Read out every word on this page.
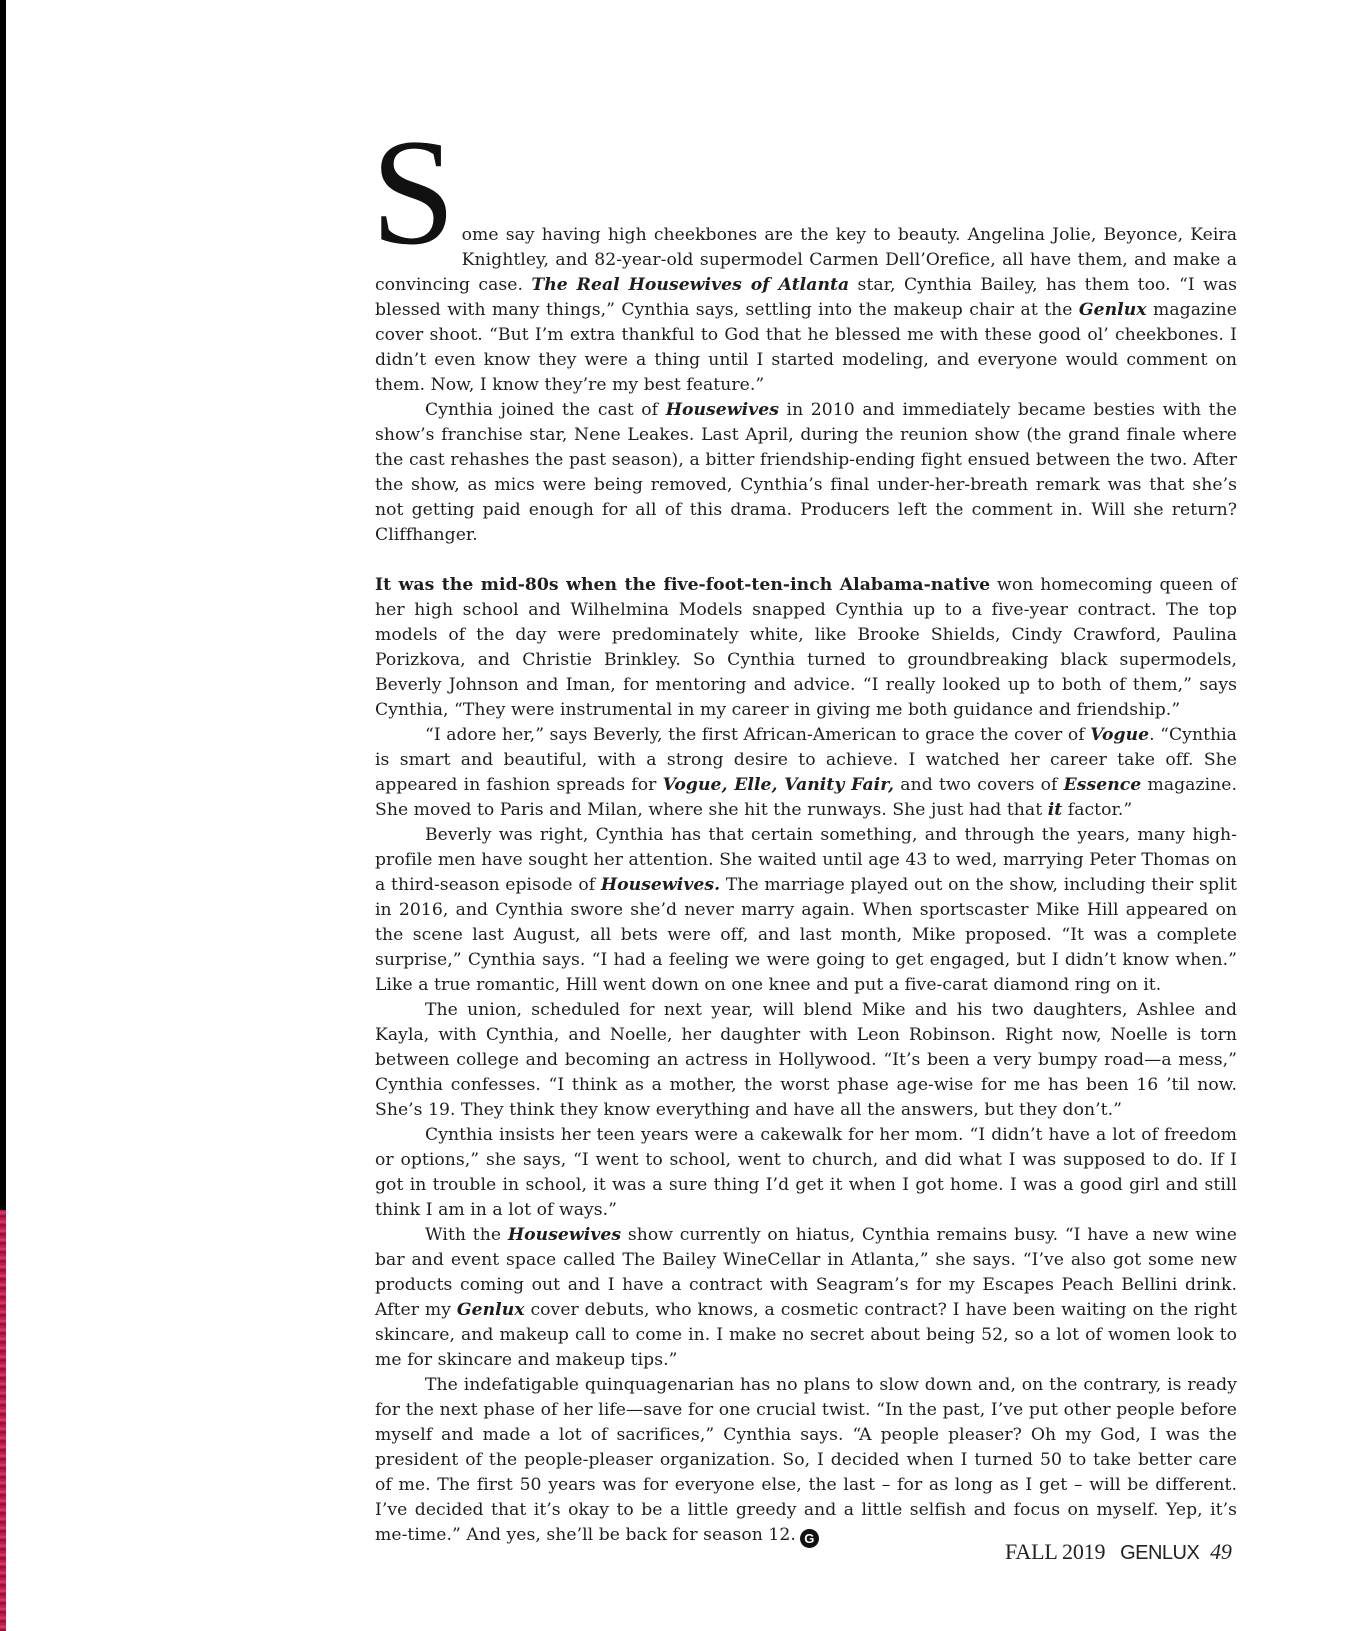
Some say having high cheekbones are the key to beauty. Angelina Jolie, Beyonce, Keira Knightley, and 82-year-old supermodel Carmen Dell’Orefice, all have them, and make a convincing case. The Real Housewives of Atlanta star, Cynthia Bailey, has them too. “I was blessed with many things,” Cynthia says, settling into the makeup chair at the Genlux magazine cover shoot. “But I’m extra thankful to God that he blessed me with these good ol’ cheekbones. I didn’t even know they were a thing until I started modeling, and everyone would comment on them. Now, I know they’re my best feature.”

Cynthia joined the cast of Housewives in 2010 and immediately became besties with the show’s franchise star, Nene Leakes. Last April, during the reunion show (the grand finale where the cast rehashes the past season), a bitter friendship-ending fight ensued between the two. After the show, as mics were being removed, Cynthia’s final under-her-breath remark was that she’s not getting paid enough for all of this drama. Producers left the comment in. Will she return? Cliffhanger.

It was the mid-80s when the five-foot-ten-inch Alabama-native won homecoming queen of her high school and Wilhelmina Models snapped Cynthia up to a five-year contract. The top models of the day were predominately white, like Brooke Shields, Cindy Crawford, Paulina Porizkova, and Christie Brinkley. So Cynthia turned to groundbreaking black supermodels, Beverly Johnson and Iman, for mentoring and advice. “I really looked up to both of them,” says Cynthia, “They were instrumental in my career in giving me both guidance and friendship.”

“I adore her,” says Beverly, the first African-American to grace the cover of Vogue. “Cynthia is smart and beautiful, with a strong desire to achieve. I watched her career take off. She appeared in fashion spreads for Vogue, Elle, Vanity Fair, and two covers of Essence magazine. She moved to Paris and Milan, where she hit the runways. She just had that it factor.”

Beverly was right, Cynthia has that certain something, and through the years, many high-profile men have sought her attention. She waited until age 43 to wed, marrying Peter Thomas on a third-season episode of Housewives. The marriage played out on the show, including their split in 2016, and Cynthia swore she’d never marry again. When sportscaster Mike Hill appeared on the scene last August, all bets were off, and last month, Mike proposed. “It was a complete surprise,” Cynthia says. “I had a feeling we were going to get engaged, but I didn’t know when.” Like a true romantic, Hill went down on one knee and put a five-carat diamond ring on it.

The union, scheduled for next year, will blend Mike and his two daughters, Ashlee and Kayla, with Cynthia, and Noelle, her daughter with Leon Robinson. Right now, Noelle is torn between college and becoming an actress in Hollywood. “It’s been a very bumpy road—a mess,” Cynthia confesses. “I think as a mother, the worst phase age-wise for me has been 16 ’til now. She’s 19. They think they know everything and have all the answers, but they don’t.”

Cynthia insists her teen years were a cakewalk for her mom. “I didn’t have a lot of freedom or options,” she says, “I went to school, went to church, and did what I was supposed to do. If I got in trouble in school, it was a sure thing I’d get it when I got home. I was a good girl and still think I am in a lot of ways.”

With the Housewives show currently on hiatus, Cynthia remains busy. “I have a new wine bar and event space called The Bailey WineCellar in Atlanta,” she says. “I’ve also got some new products coming out and I have a contract with Seagram’s for my Escapes Peach Bellini drink. After my Genlux cover debuts, who knows, a cosmetic contract? I have been waiting on the right skincare, and makeup call to come in. I make no secret about being 52, so a lot of women look to me for skincare and makeup tips.”

The indefatigable quinquagenarian has no plans to slow down and, on the contrary, is ready for the next phase of her life—save for one crucial twist. “In the past, I’ve put other people before myself and made a lot of sacrifices,” Cynthia says. “A people pleaser? Oh my God, I was the president of the people-pleaser organization. So, I decided when I turned 50 to take better care of me. The first 50 years was for everyone else, the last – for as long as I get – will be different. I’ve decided that it’s okay to be a little greedy and a little selfish and focus on myself. Yep, it’s me-time.” And yes, she’ll be back for season 12. G

FALL 2019 GENLUX 49
